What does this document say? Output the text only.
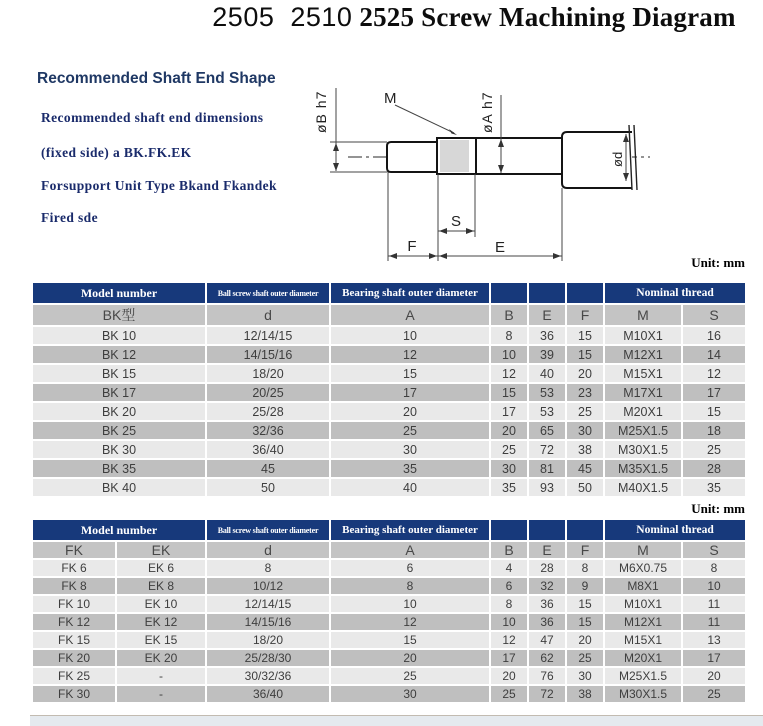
2505  2510 2525 Screw Machining Diagram
Recommended Shaft End Shape
Recommended shaft end dimensions
(fixed side) a BK.FK.EK
Forsupport Unit Type Bkand Fkandek
Fired sde
øB h7	M	øA h7
ød
S
F	E
Unit: mm
Unit: mm
Model number	Ball screw shaft outer diameter	Bearing shaft outer diameter				Nominal thread	
BK型	d	A	B	E	F	M	S
BK 10	12/14/15	10	8	36	15	M10X1	16
BK 12	14/15/16	12	10	39	15	M12X1	14
BK 15	18/20	15	12	40	20	M15X1	12
BK 17	20/25	17	15	53	23	M17X1	17
BK 20	25/28	20	17	53	25	M20X1	15
BK 25	32/36	25	20	65	30	M25X1.5	18
BK 30	36/40	30	25	72	38	M30X1.5	25
BK 35	45	35	30	81	45	M35X1.5	28
BK 40	50	40	35	93	50	M40X1.5	35
Model number		Ball screw shaft outer diameter	Bearing shaft outer diameter				Nominal thread	
FK	EK	d	A	B	E	F	M	S
FK 6	EK 6	8	6	4	28	8	M6X0.75	8
FK 8	EK 8	10/12	8	6	32	9	M8X1	10
FK 10	EK 10	12/14/15	10	8	36	15	M10X1	11
FK 12	EK 12	14/15/16	12	10	36	15	M12X1	11
FK 15	EK 15	18/20	15	12	47	20	M15X1	13
FK 20	EK 20	25/28/30	20	17	62	25	M20X1	17
FK 25	-	30/32/36	25	20	76	30	M25X1.5	20
FK 30	-	36/40	30	25	72	38	M30X1.5	25
